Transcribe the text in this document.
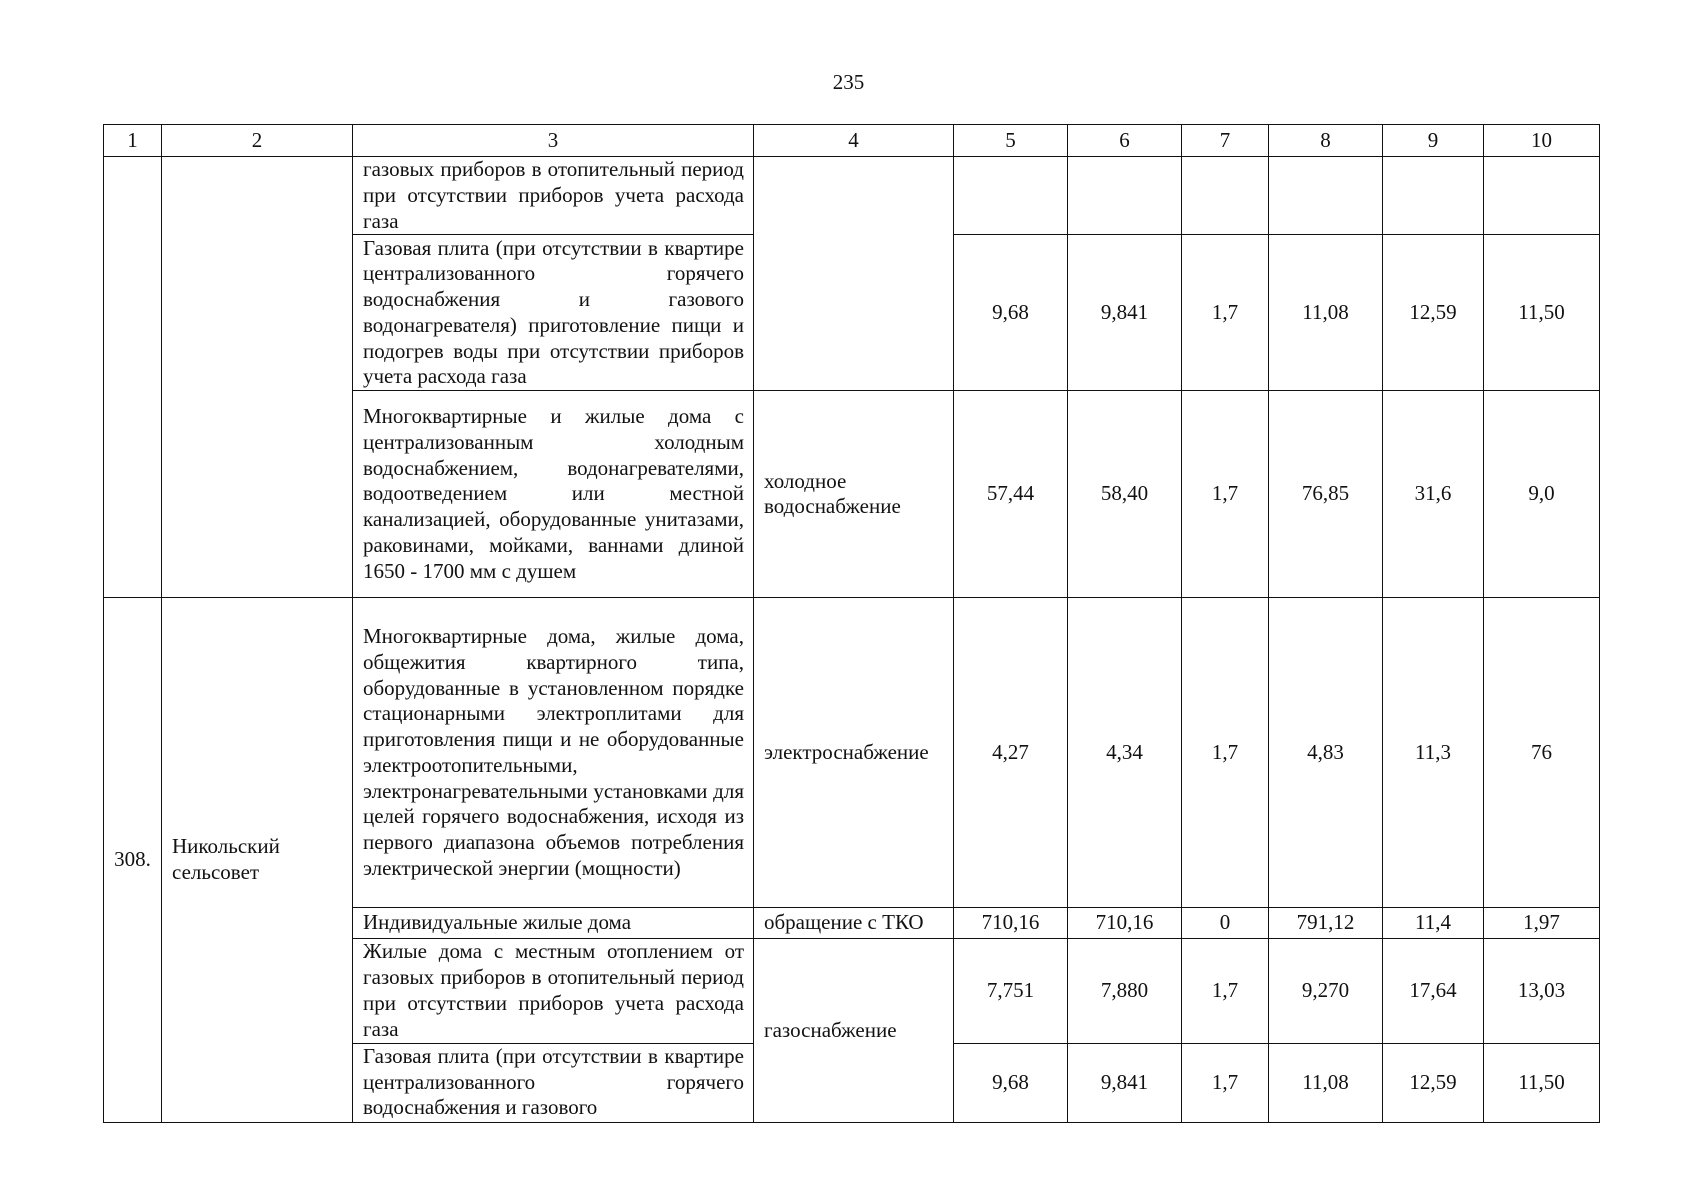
235
1	2	3	4	5	6	7	8	9	10
		газовых приборов в отопительный период при отсутствии приборов учета расхода газа							
		Газовая плита (при отсутствии в квартире централизованного горячего водоснабжения и газового водонагревателя) приготовление пищи и подогрев воды при отсутствии приборов учета расхода газа		9,68	9,841	1,7	11,08	12,59	11,50
		Многоквартирные и жилые дома с централизованным холодным водоснабжением, водонагревателями, водоотведением или местной канализацией, оборудованные унитазами, раковинами, мойками, ваннами длиной 1650 - 1700 мм с душем	холодное водоснабжение	57,44	58,40	1,7	76,85	31,6	9,0
308.	Никольский сельсовет	Многоквартирные дома, жилые дома, общежития квартирного типа, оборудованные в установленном порядке стационарными электроплитами для приготовления пищи и не оборудованные электроотопительными, электронагревательными установками для целей горячего водоснабжения, исходя из первого диапазона объемов потребления электрической энергии (мощности)	электроснабжение	4,27	4,34	1,7	4,83	11,3	76
		Индивидуальные жилые дома	обращение с ТКО	710,16	710,16	0	791,12	11,4	1,97
		Жилые дома с местным отоплением от газовых приборов в отопительный период при отсутствии приборов учета расхода газа	газоснабжение	7,751	7,880	1,7	9,270	17,64	13,03
		Газовая плита (при отсутствии в квартире централизованного горячего водоснабжения и газового		9,68	9,841	1,7	11,08	12,59	11,50
